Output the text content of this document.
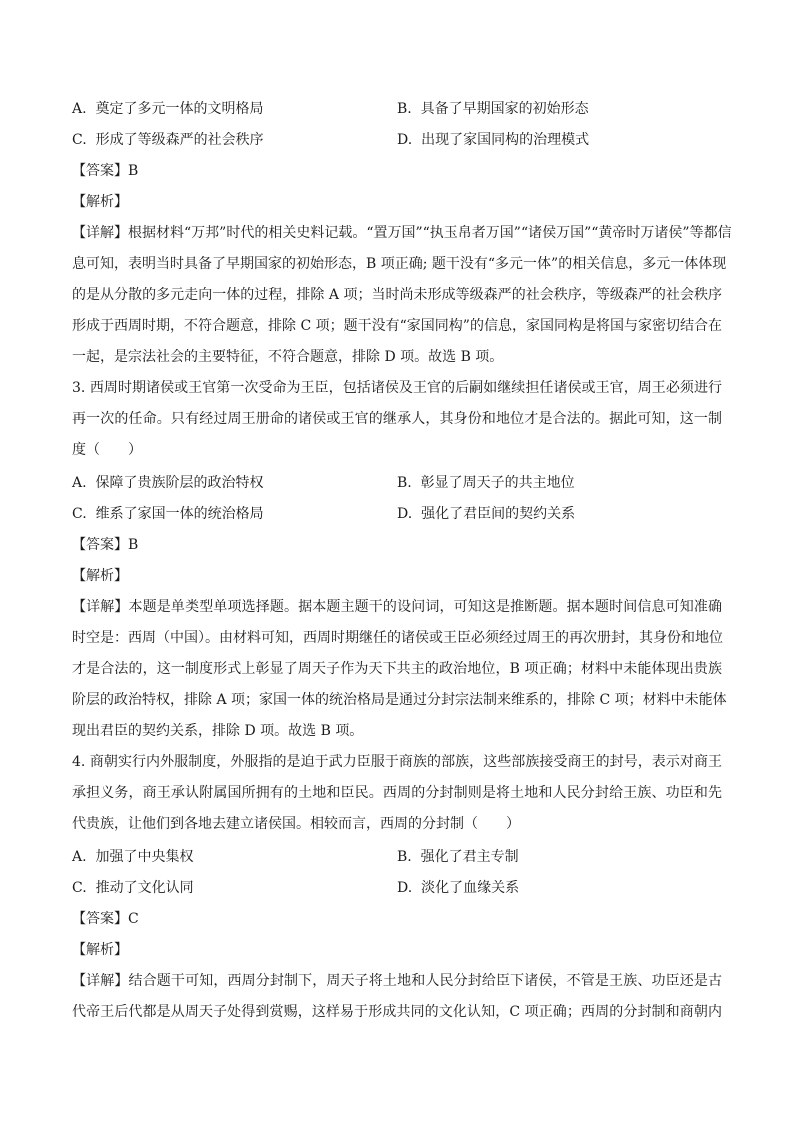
A. 奠定了多元一体的文明格局	B. 具备了早期国家的初始形态
C. 形成了等级森严的社会秩序	D. 出现了家国同构的治理模式
【答案】B
【解析】
【详解】根据材料“万邦”时代的相关史料记载。“置万国”“执玉帛者万国”“诸侯万国”“黄帝时万诸侯”等都信
息可知，表明当时具备了早期国家的初始形态，B 项正确; 题干没有“多元一体”的相关信息，多元一体体现
的是从分散的多元走向一体的过程，排除 A 项；当时尚未形成等级森严的社会秩序，等级森严的社会秩序
形成于西周时期，不符合题意，排除 C 项；题干没有“家国同构”的信息，家国同构是将国与家密切结合在
一起，是宗法社会的主要特征，不符合题意，排除 D 项。故选 B 项。
3. 西周时期诸侯或王官第一次受命为王臣，包括诸侯及王官的后嗣如继续担任诸侯或王官，周王必须进行
再一次的任命。只有经过周王册命的诸侯或王官的继承人，其身份和地位才是合法的。据此可知，这一制
度（　　）
A. 保障了贵族阶层的政治特权	B. 彰显了周天子的共主地位
C. 维系了家国一体的统治格局	D. 强化了君臣间的契约关系
【答案】B
【解析】
【详解】本题是单类型单项选择题。据本题主题干的设问词，可知这是推断题。据本题时间信息可知准确
时空是：西周（中国）。由材料可知，西周时期继任的诸侯或王臣必须经过周王的再次册封，其身份和地位
才是合法的，这一制度形式上彰显了周天子作为天下共主的政治地位，B 项正确；材料中未能体现出贵族
阶层的政治特权，排除 A 项；家国一体的统治格局是通过分封宗法制来维系的，排除 C 项；材料中未能体
现出君臣的契约关系，排除 D 项。故选 B 项。
4. 商朝实行内外服制度，外服指的是迫于武力臣服于商族的部族，这些部族接受商王的封号，表示对商王
承担义务，商王承认附属国所拥有的土地和臣民。西周的分封制则是将土地和人民分封给王族、功臣和先
代贵族，让他们到各地去建立诸侯国。相较而言，西周的分封制（　　）
A. 加强了中央集权	B. 强化了君主专制
C. 推动了文化认同	D. 淡化了血缘关系
【答案】C
【解析】
【详解】结合题干可知，西周分封制下，周天子将土地和人民分封给臣下诸侯，不管是王族、功臣还是古
代帝王后代都是从周天子处得到赏赐，这样易于形成共同的文化认知，C 项正确；西周的分封制和商朝内
